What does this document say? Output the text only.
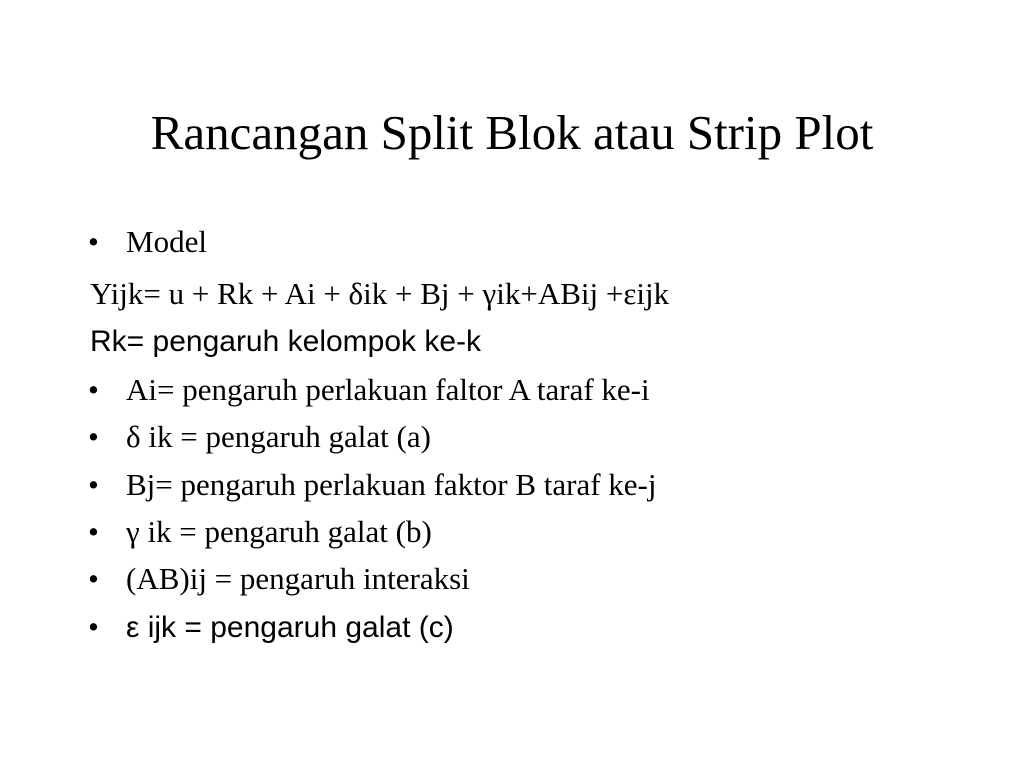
Rancangan Split Blok atau Strip Plot
• Model
Yijk= u + Rk + Ai + δik + Bj + γik+ABij +εijk
Rk= pengaruh kelompok ke-k
• Ai= pengaruh perlakuan faltor A taraf ke-i
• δ ik = pengaruh galat (a)
• Bj= pengaruh perlakuan faktor B taraf ke-j
• γ ik = pengaruh galat (b)
• (AB)ij = pengaruh interaksi
• ε ijk = pengaruh galat (c)
